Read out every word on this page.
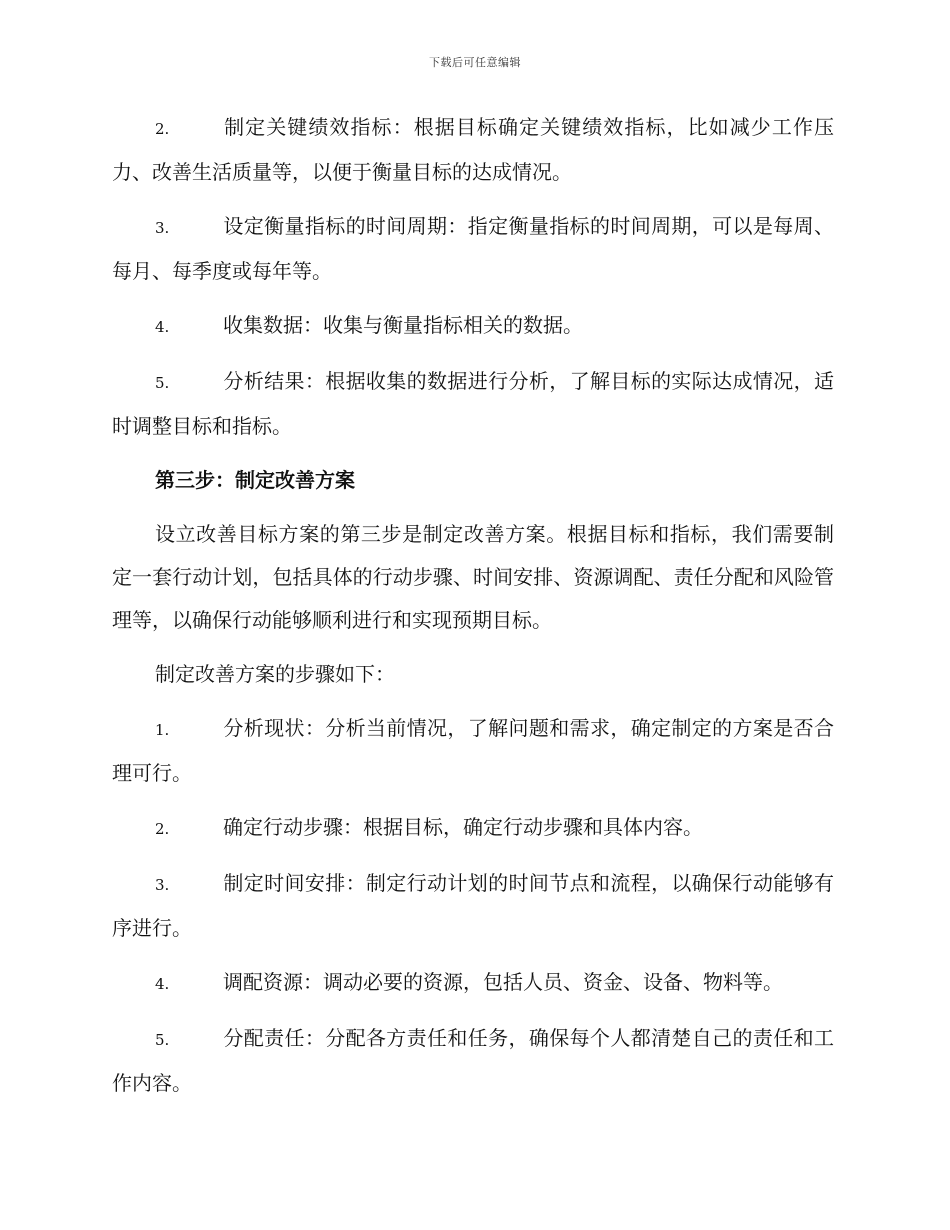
下载后可任意编辑

2.	制定关键绩效指标：根据目标确定关键绩效指标，比如减少工作压力、改善生活质量等，以便于衡量目标的达成情况。

3.	设定衡量指标的时间周期：指定衡量指标的时间周期，可以是每周、每月、每季度或每年等。

4.	收集数据：收集与衡量指标相关的数据。

5.	分析结果：根据收集的数据进行分析，了解目标的实际达成情况，适时调整目标和指标。

第三步：制定改善方案

设立改善目标方案的第三步是制定改善方案。根据目标和指标，我们需要制定一套行动计划，包括具体的行动步骤、时间安排、资源调配、责任分配和风险管理等，以确保行动能够顺利进行和实现预期目标。

制定改善方案的步骤如下：

1.	分析现状：分析当前情况，了解问题和需求，确定制定的方案是否合理可行。

2.	确定行动步骤：根据目标，确定行动步骤和具体内容。

3.	制定时间安排：制定行动计划的时间节点和流程，以确保行动能够有序进行。

4.	调配资源：调动必要的资源，包括人员、资金、设备、物料等。

5.	分配责任：分配各方责任和任务，确保每个人都清楚自己的责任和工作内容。
